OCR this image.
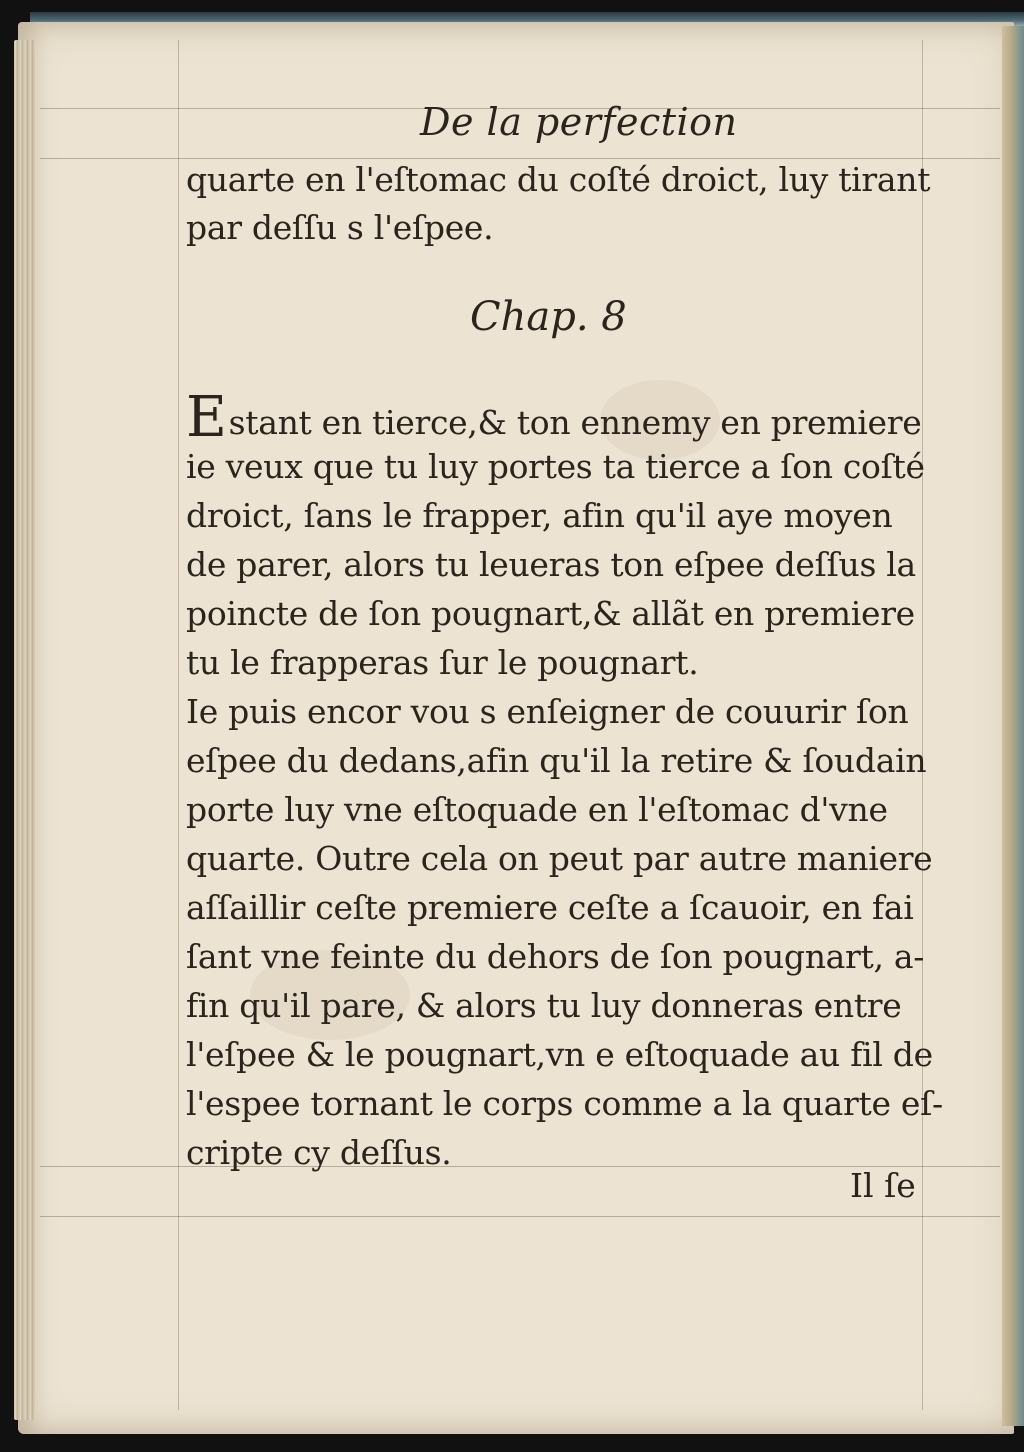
De la perfection
quarte en l'eſtomac du coſté droict, luy tirant
par deſſu s l'eſpee.
Chap. 8
Estant en tierce,& ton ennemy en premiere
ie veux que tu luy portes ta tierce a ſon coſté
droict, ſans le frapper, afin qu'il aye moyen
de parer, alors tu leueras ton eſpee deſſus la
poincte de ſon pougnart,& allãt en premiere
tu le frapperas ſur le pougnart.
Ie puis encor vou s enſeigner de couurir ſon
eſpee du dedans,afin qu'il la retire & ſoudain
porte luy vne eſtoquade en l'eſtomac d'vne
quarte. Outre cela on peut par autre maniere
aſſaillir ceſte premiere ceſte a ſcauoir, en fai
ſant vne feinte du dehors de ſon pougnart, a-
fin qu'il pare, & alors tu luy donneras entre
l'eſpee & le pougnart,vn e eſtoquade au fil de
l'espee tornant le corps comme a la quarte eſ-
cripte cy deſſus.
Il ſe
